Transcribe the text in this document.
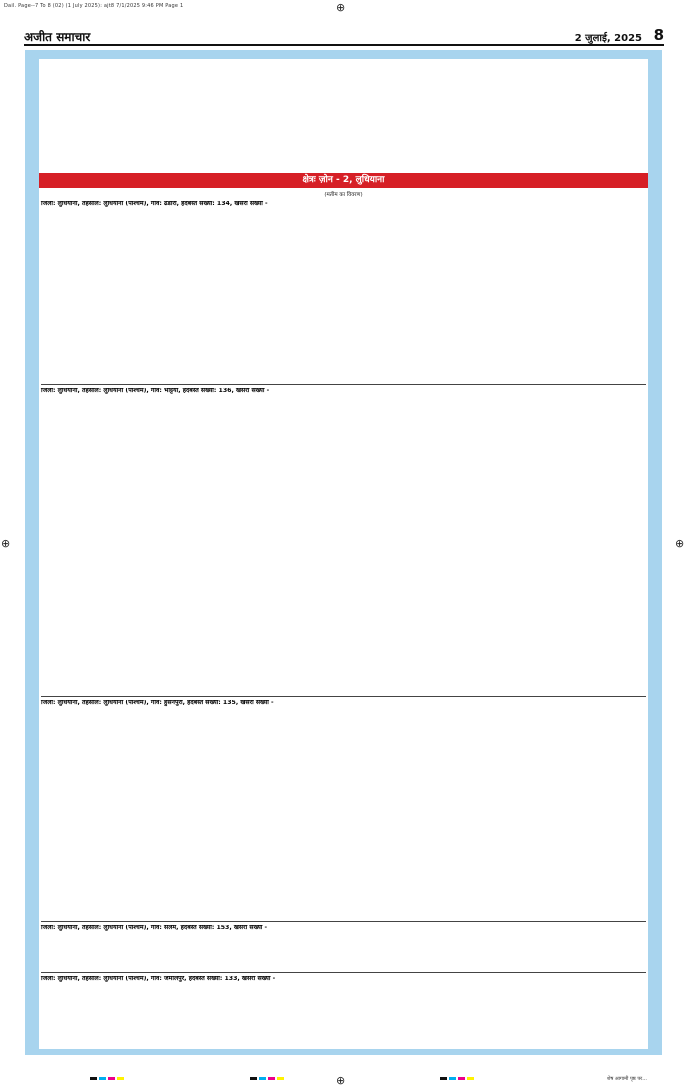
Dail. Page--7 To 8 (02) (1 July 2025): ajt8 7/1/2025 9:46 PM Page 1	⊕
⊕
⊕	⊕
अजीत समाचार	2 जुलाई, 2025 8

क्षेत्रः ज़ोन - 2, लुधियाना
(मतीम का विवरण)

जिला: लुधियाना, तहसील: लुधियाना (पश्चिम), गांव: ढंडारी, हदबस्त संख्या: 134, खसरा संख्या -

जिला: लुधियाना, तहसील: लुधियाना (पश्चिम), गांव: भट्टियां, हदबस्त संख्या: 136, खसरा संख्या -

जिला: लुधियाना, तहसील: लुधियाना (पश्चिम), गांव: हुसैनपुरा, हदबस्त संख्या: 135, खसरा संख्या -

जिला: लुधियाना, तहसील: लुधियाना (पश्चिम), गांव: सलेम, हदबस्त संख्या: 153, खसरा संख्या -

जिला: लुधियाना, तहसील: लुधियाना (पश्चिम), गांव: जमालपुर, हदबस्त संख्या: 133, खसरा संख्या -

शेष आगामी पृष्ठ पर...
